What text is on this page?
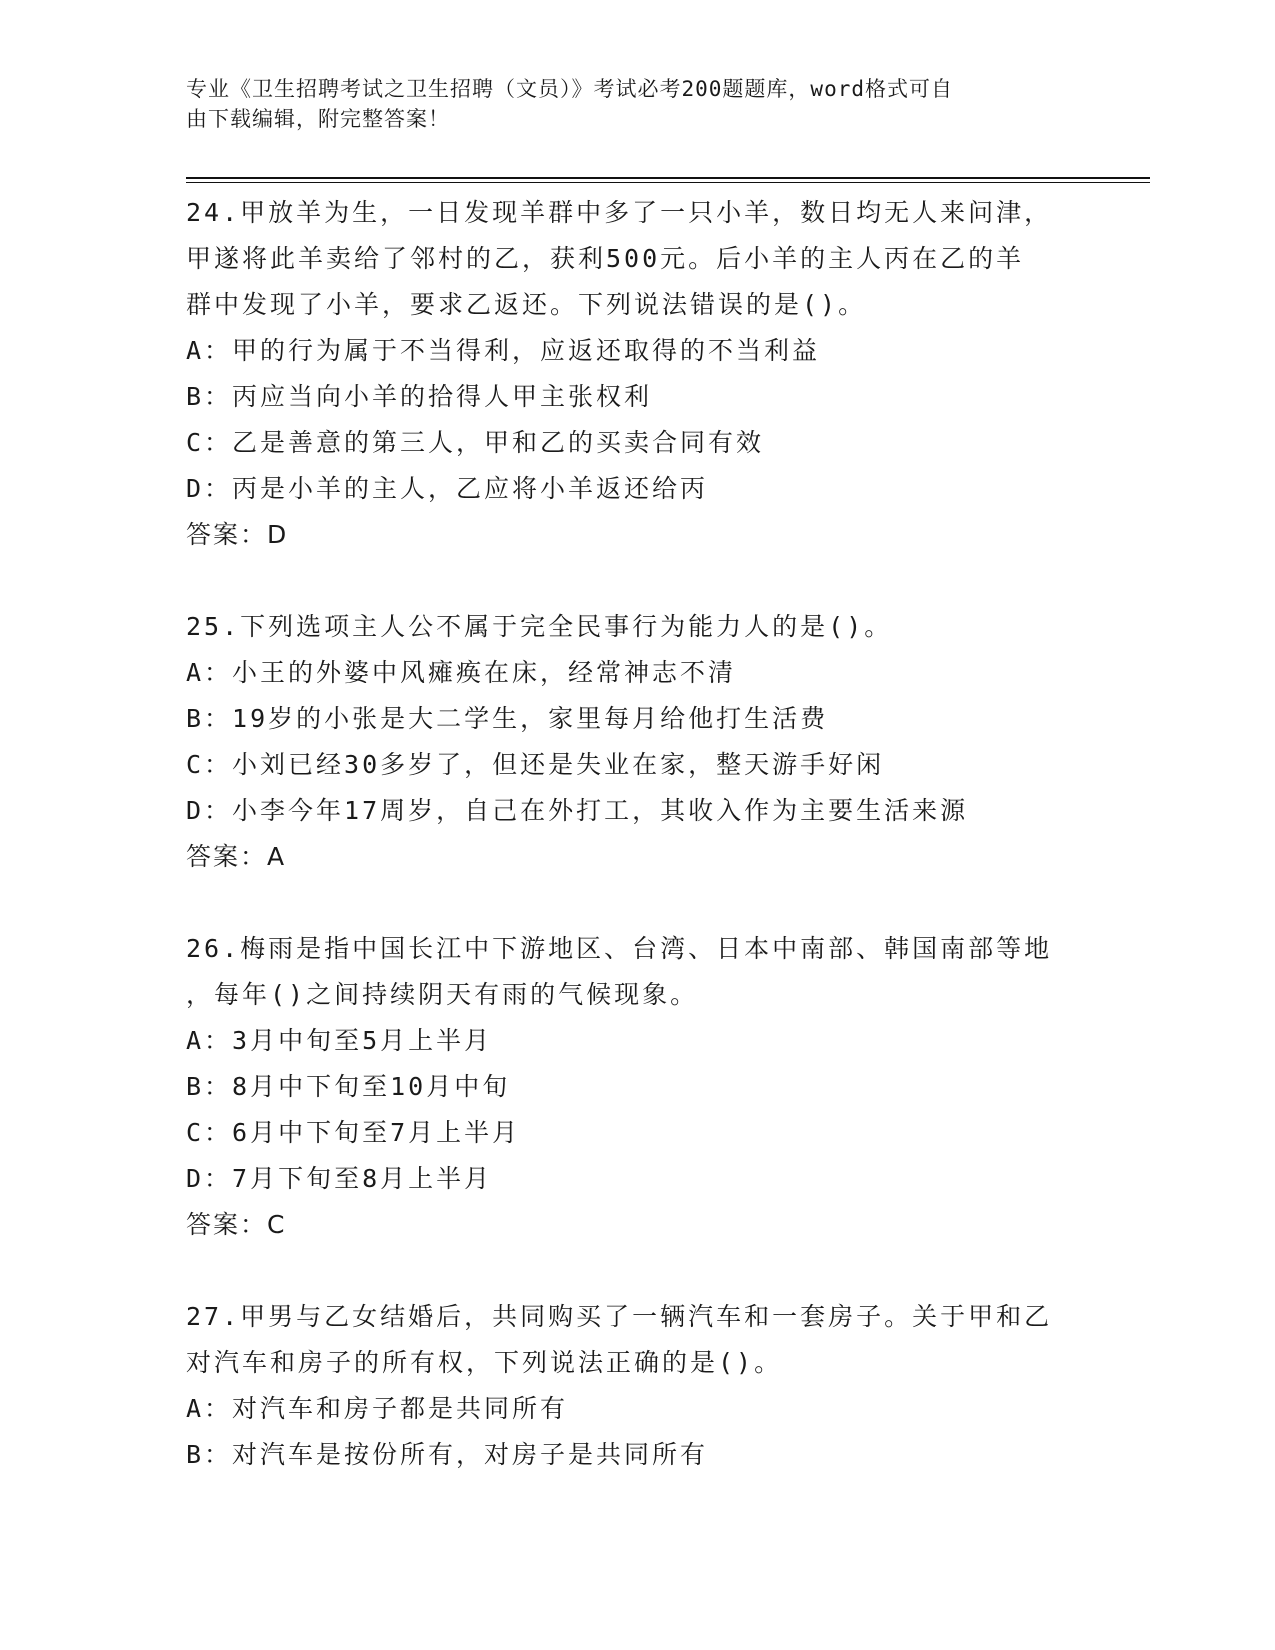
专业《卫生招聘考试之卫生招聘（文员）》考试必考200题题库，word格式可自
由下载编辑，附完整答案！
24.甲放羊为生，一日发现羊群中多了一只小羊，数日均无人来问津，
甲遂将此羊卖给了邻村的乙，获利500元。后小羊的主人丙在乙的羊
群中发现了小羊，要求乙返还。下列说法错误的是()。
A：甲的行为属于不当得利，应返还取得的不当利益
B：丙应当向小羊的拾得人甲主张权利
C：乙是善意的第三人，甲和乙的买卖合同有效
D：丙是小羊的主人，乙应将小羊返还给丙
答案：D
25.下列选项主人公不属于完全民事行为能力人的是()。
A：小王的外婆中风瘫痪在床，经常神志不清
B：19岁的小张是大二学生，家里每月给他打生活费
C：小刘已经30多岁了，但还是失业在家，整天游手好闲
D：小李今年17周岁，自己在外打工，其收入作为主要生活来源
答案：A
26.梅雨是指中国长江中下游地区、台湾、日本中南部、韩国南部等地
，每年()之间持续阴天有雨的气候现象。
A：3月中旬至5月上半月
B：8月中下旬至10月中旬
C：6月中下旬至7月上半月
D：7月下旬至8月上半月
答案：C
27.甲男与乙女结婚后，共同购买了一辆汽车和一套房子。关于甲和乙
对汽车和房子的所有权，下列说法正确的是()。
A：对汽车和房子都是共同所有
B：对汽车是按份所有，对房子是共同所有
